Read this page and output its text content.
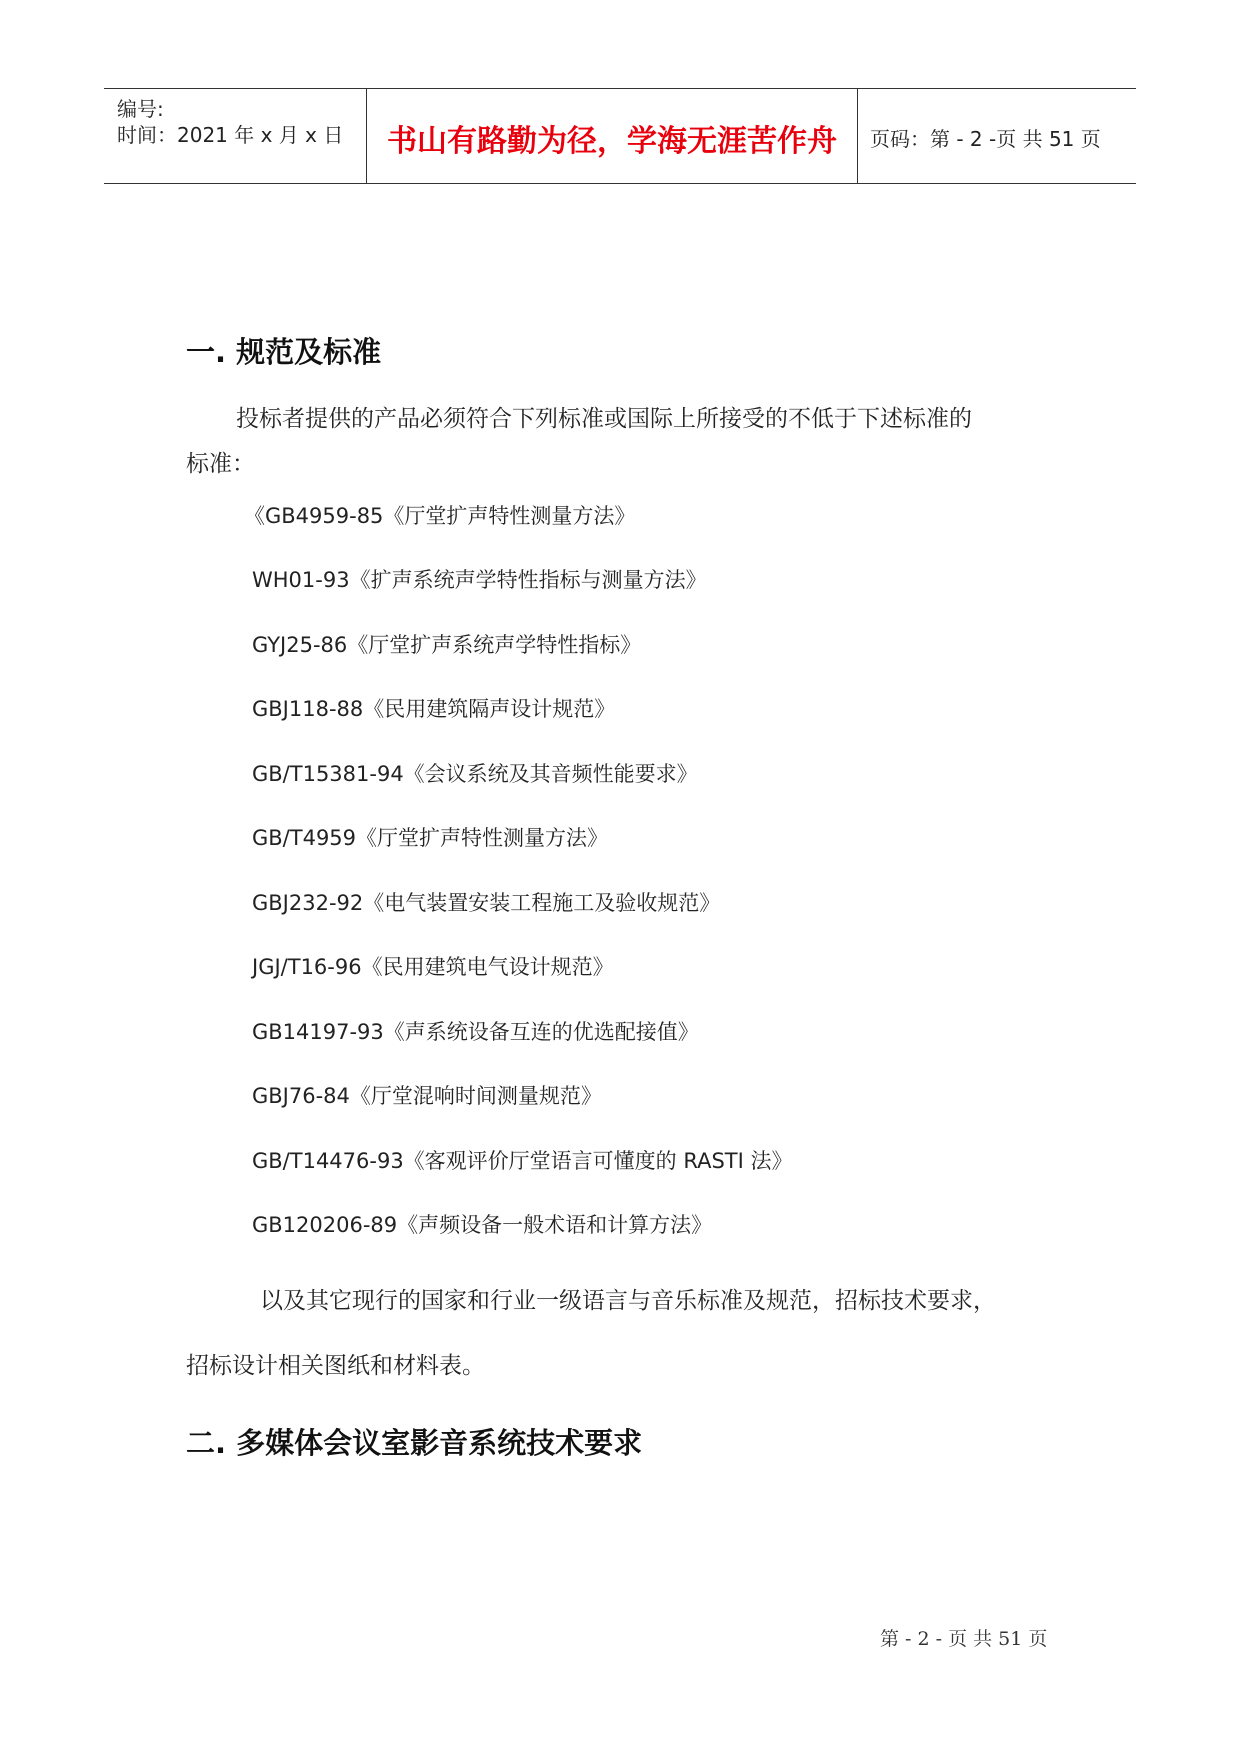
编号:
时间：2021 年 x 月 x 日	书山有路勤为径，学海无涯苦作舟	页码：第 - 2 -页 共 51 页
一. 规范及标准
投标者提供的产品必须符合下列标准或国际上所接受的不低于下述标准的
标准：
《GB4959-85《厅堂扩声特性测量方法》
WH01-93《扩声系统声学特性指标与测量方法》
GYJ25-86《厅堂扩声系统声学特性指标》
GBJ118-88《民用建筑隔声设计规范》
GB/T15381-94《会议系统及其音频性能要求》
GB/T4959《厅堂扩声特性测量方法》
GBJ232-92《电气装置安装工程施工及验收规范》
JGJ/T16-96《民用建筑电气设计规范》
GB14197-93《声系统设备互连的优选配接值》
GBJ76-84《厅堂混响时间测量规范》
GB/T14476-93《客观评价厅堂语言可懂度的 RASTI 法》
GB120206-89《声频设备一般术语和计算方法》
以及其它现行的国家和行业一级语言与音乐标准及规范，招标技术要求，
招标设计相关图纸和材料表。
二. 多媒体会议室影音系统技术要求
第 - 2 - 页 共 51 页
